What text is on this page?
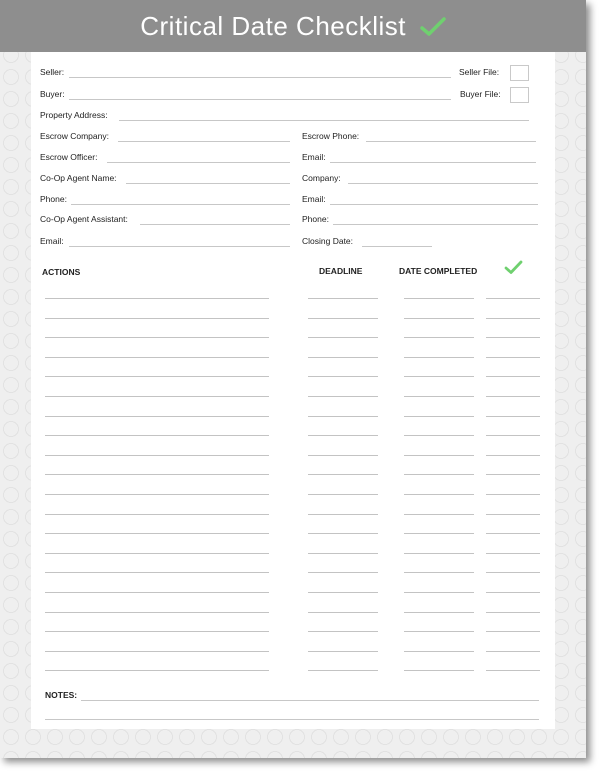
Critical Date Checklist
Seller:	Seller File:
Buyer:	Buyer File:
Property Address:
Escrow Company:	Escrow Phone:
Escrow Officer:	Email:
Co-Op Agent Name:	Company:
Phone:	Email:
Co-Op Agent Assistant:	Phone:
Email:	Closing Date:
ACTIONS	DEADLINE	DATE COMPLETED
NOTES:
